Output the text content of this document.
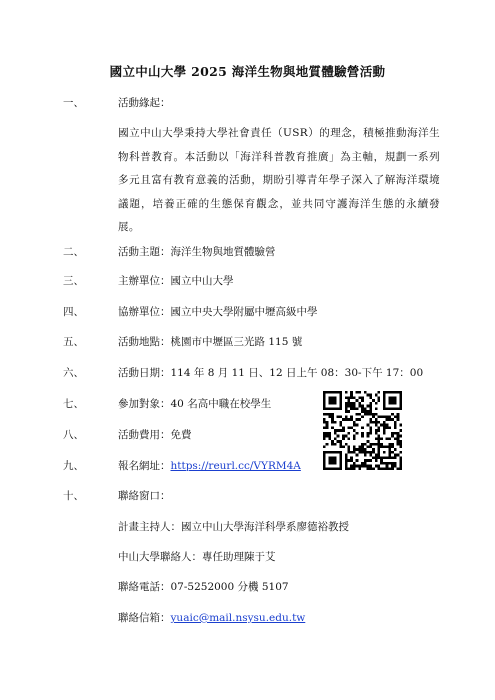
國立中山大學 2025 海洋生物與地質體驗營活動
一、	活動緣起：
國立中山大學秉持大學社會責任（USR）的理念，積極推動海洋生物科普教育。本活動以「海洋科普教育推廣」為主軸，規劃一系列多元且富有教育意義的活動，期盼引導青年學子深入了解海洋環境議題，培養正確的生態保育觀念，並共同守護海洋生態的永續發展。
二、	活動主題：海洋生物與地質體驗營
三、	主辦單位：國立中山大學
四、	協辦單位：國立中央大學附屬中壢高級中學
五、	活動地點：桃園市中壢區三光路 115 號
六、	活動日期：114 年 8 月 11 日、12 日上午 08：30-下午 17：00
七、	參加對象：40 名高中職在校學生
八、	活動費用：免費
九、	報名網址：https://reurl.cc/VYRM4A
十、	聯絡窗口：
計畫主持人：國立中山大學海洋科學系廖德裕教授
中山大學聯絡人：專任助理陳于艾
聯絡電話：07-5252000 分機 5107
聯絡信箱：yuaic@mail.nsysu.edu.tw
